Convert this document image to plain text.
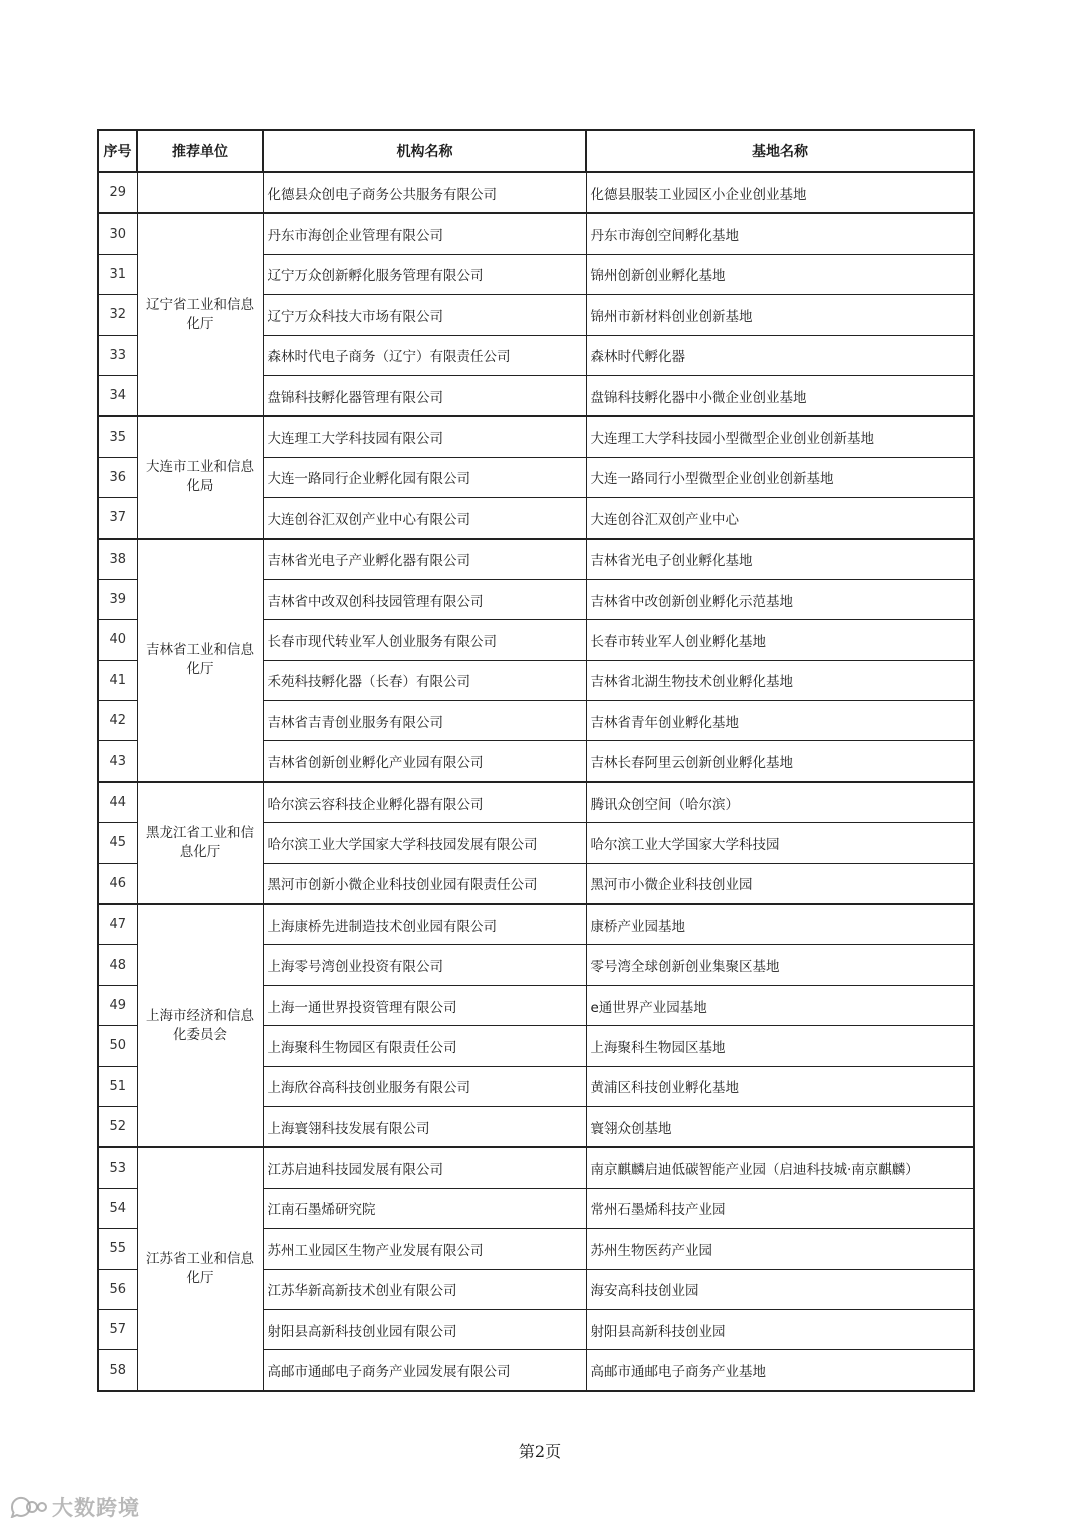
序号	推荐单位	机构名称	基地名称
29		化德县众创电子商务公共服务有限公司	化德县服装工业园区小企业创业基地
30	辽宁省工业和信息化厅	丹东市海创企业管理有限公司	丹东市海创空间孵化基地
31		辽宁万众创新孵化服务管理有限公司	锦州创新创业孵化基地
32		辽宁万众科技大市场有限公司	锦州市新材料创业创新基地
33		森林时代电子商务（辽宁）有限责任公司	森林时代孵化器
34		盘锦科技孵化器管理有限公司	盘锦科技孵化器中小微企业创业基地
35	大连市工业和信息化局	大连理工大学科技园有限公司	大连理工大学科技园小型微型企业创业创新基地
36		大连一路同行企业孵化园有限公司	大连一路同行小型微型企业创业创新基地
37		大连创谷汇双创产业中心有限公司	大连创谷汇双创产业中心
38	吉林省工业和信息化厅	吉林省光电子产业孵化器有限公司	吉林省光电子创业孵化基地
39		吉林省中改双创科技园管理有限公司	吉林省中改创新创业孵化示范基地
40		长春市现代转业军人创业服务有限公司	长春市转业军人创业孵化基地
41		禾苑科技孵化器（长春）有限公司	吉林省北湖生物技术创业孵化基地
42		吉林省吉青创业服务有限公司	吉林省青年创业孵化基地
43		吉林省创新创业孵化产业园有限公司	吉林长春阿里云创新创业孵化基地
44	黑龙江省工业和信息化厅	哈尔滨云容科技企业孵化器有限公司	腾讯众创空间（哈尔滨）
45		哈尔滨工业大学国家大学科技园发展有限公司	哈尔滨工业大学国家大学科技园
46		黑河市创新小微企业科技创业园有限责任公司	黑河市小微企业科技创业园
47	上海市经济和信息化委员会	上海康桥先进制造技术创业园有限公司	康桥产业园基地
48		上海零号湾创业投资有限公司	零号湾全球创新创业集聚区基地
49		上海一通世界投资管理有限公司	e通世界产业园基地
50		上海聚科生物园区有限责任公司	上海聚科生物园区基地
51		上海欣谷高科技创业服务有限公司	黄浦区科技创业孵化基地
52		上海寰翎科技发展有限公司	寰翎众创基地
53	江苏省工业和信息化厅	江苏启迪科技园发展有限公司	南京麒麟启迪低碳智能产业园（启迪科技城·南京麒麟）
54		江南石墨烯研究院	常州石墨烯科技产业园
55		苏州工业园区生物产业发展有限公司	苏州生物医药产业园
56		江苏华新高新技术创业有限公司	海安高科技创业园
57		射阳县高新科技创业园有限公司	射阳县高新科技创业园
58		高邮市通邮电子商务产业园发展有限公司	高邮市通邮电子商务产业基地
第2页
大数跨境
